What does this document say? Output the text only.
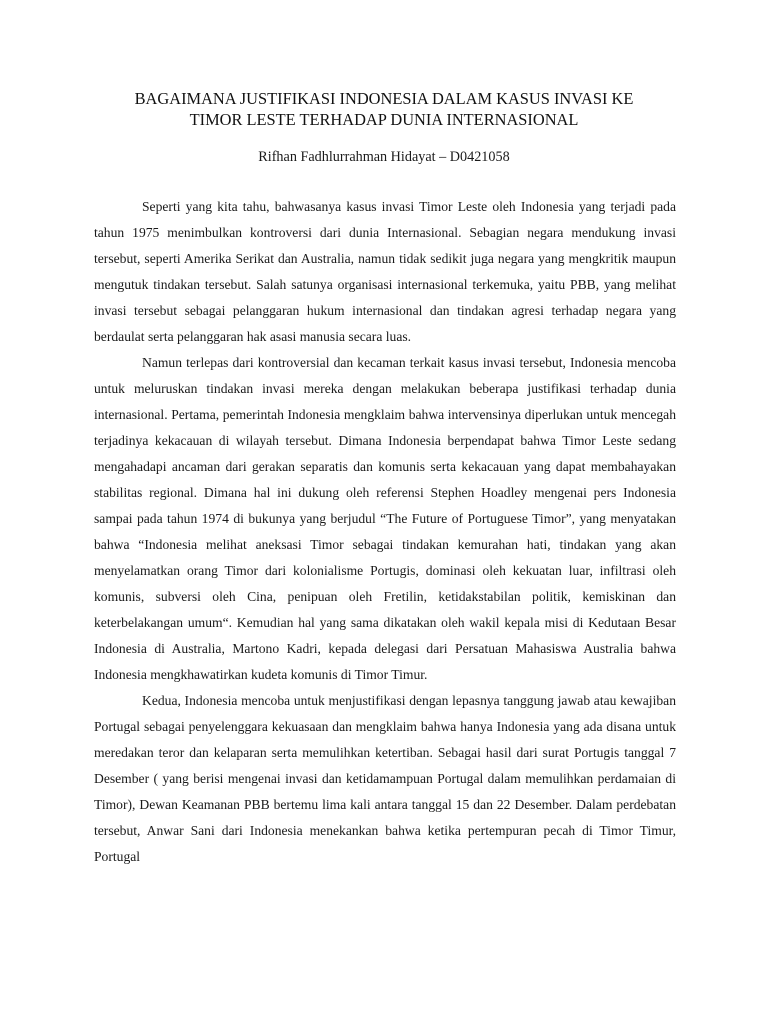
BAGAIMANA JUSTIFIKASI INDONESIA DALAM KASUS INVASI KE
TIMOR LESTE TERHADAP DUNIA INTERNASIONAL
Rifhan Fadhlurrahman Hidayat – D0421058

Seperti yang kita tahu, bahwasanya kasus invasi Timor Leste oleh Indonesia yang terjadi pada tahun 1975 menimbulkan kontroversi dari dunia Internasional. Sebagian negara mendukung invasi tersebut, seperti Amerika Serikat dan Australia, namun tidak sedikit juga negara yang mengkritik maupun mengutuk tindakan tersebut. Salah satunya organisasi internasional terkemuka, yaitu PBB, yang melihat invasi tersebut sebagai pelanggaran hukum internasional dan tindakan agresi terhadap negara yang berdaulat serta pelanggaran hak asasi manusia secara luas.

Namun terlepas dari kontroversial dan kecaman terkait kasus invasi tersebut, Indonesia mencoba untuk meluruskan tindakan invasi mereka dengan melakukan beberapa justifikasi terhadap dunia internasional. Pertama, pemerintah Indonesia mengklaim bahwa intervensinya diperlukan untuk mencegah terjadinya kekacauan di wilayah tersebut. Dimana Indonesia berpendapat bahwa Timor Leste sedang mengahadapi ancaman dari gerakan separatis dan komunis serta kekacauan yang dapat membahayakan stabilitas regional. Dimana hal ini dukung oleh referensi Stephen Hoadley mengenai pers Indonesia sampai pada tahun 1974 di bukunya yang berjudul “The Future of Portuguese Timor”, yang menyatakan bahwa “Indonesia melihat aneksasi Timor sebagai tindakan kemurahan hati, tindakan yang akan menyelamatkan orang Timor dari kolonialisme Portugis, dominasi oleh kekuatan luar, infiltrasi oleh komunis, subversi oleh Cina, penipuan oleh Fretilin, ketidakstabilan politik, kemiskinan dan keterbelakangan umum“. Kemudian hal yang sama dikatakan oleh wakil kepala misi di Kedutaan Besar Indonesia di Australia, Martono Kadri, kepada delegasi dari Persatuan Mahasiswa Australia bahwa Indonesia mengkhawatirkan kudeta komunis di Timor Timur.

Kedua, Indonesia mencoba untuk menjustifikasi dengan lepasnya tanggung jawab atau kewajiban Portugal sebagai penyelenggara kekuasaan dan mengklaim bahwa hanya Indonesia yang ada disana untuk meredakan teror dan kelaparan serta memulihkan ketertiban. Sebagai hasil dari surat Portugis tanggal 7 Desember ( yang berisi mengenai invasi dan ketidamampuan Portugal dalam memulihkan perdamaian di Timor), Dewan Keamanan PBB bertemu lima kali antara tanggal 15 dan 22 Desember. Dalam perdebatan tersebut, Anwar Sani dari Indonesia menekankan bahwa ketika pertempuran pecah di Timor Timur, Portugal
